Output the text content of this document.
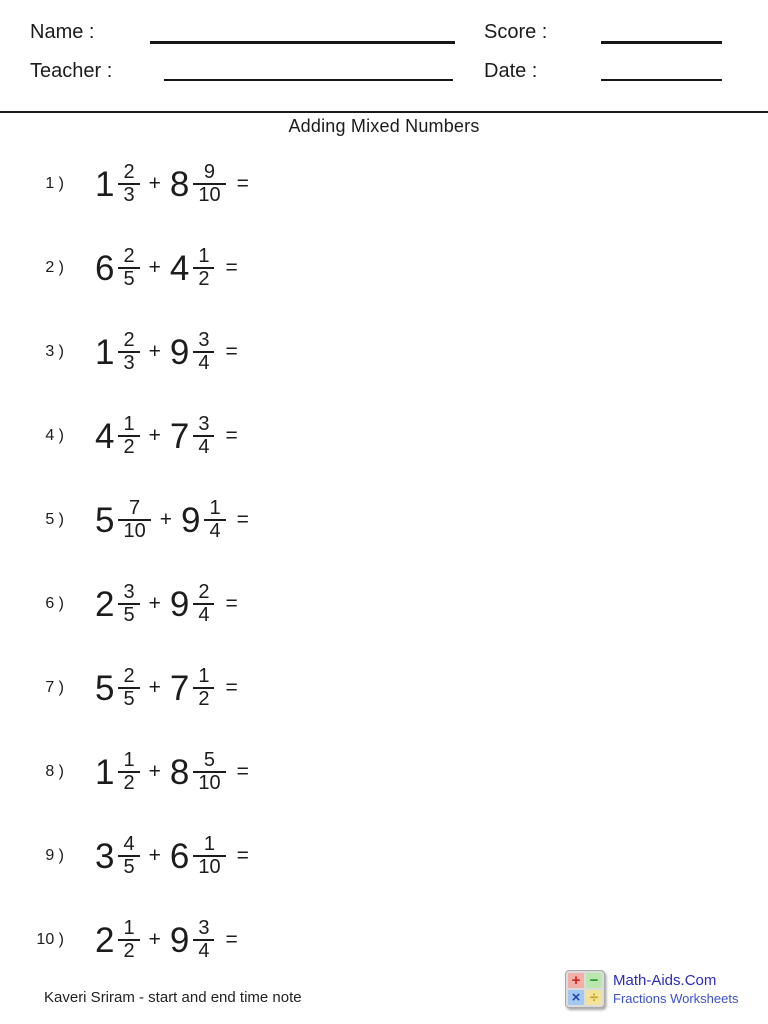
Name :	Score :
Teacher :	Date :
Adding Mixed Numbers
1 ) $1 \frac{2}{3} + 8 \frac{9}{10}$ =
2 ) $6 \frac{2}{5} + 4 \frac{1}{2}$ =
3 ) $1 \frac{2}{3} + 9 \frac{3}{4}$ =
4 ) $4 \frac{1}{2} + 7 \frac{3}{4}$ =
5 ) $5 \frac{7}{10} + 9 \frac{1}{4}$ =
6 ) $2 \frac{3}{5} + 9 \frac{2}{4}$ =
7 ) $5 \frac{2}{5} + 7 \frac{1}{2}$ =
8 ) $1 \frac{1}{2} + 8 \frac{5}{10}$ =
9 ) $3 \frac{4}{5} + 6 \frac{1}{10}$ =
10 ) $2 \frac{1}{2} + 9 \frac{3}{4}$ =
Kaveri Sriram - start and end time note
+ −
× ÷
Math-Aids.Com
Fractions Worksheets
